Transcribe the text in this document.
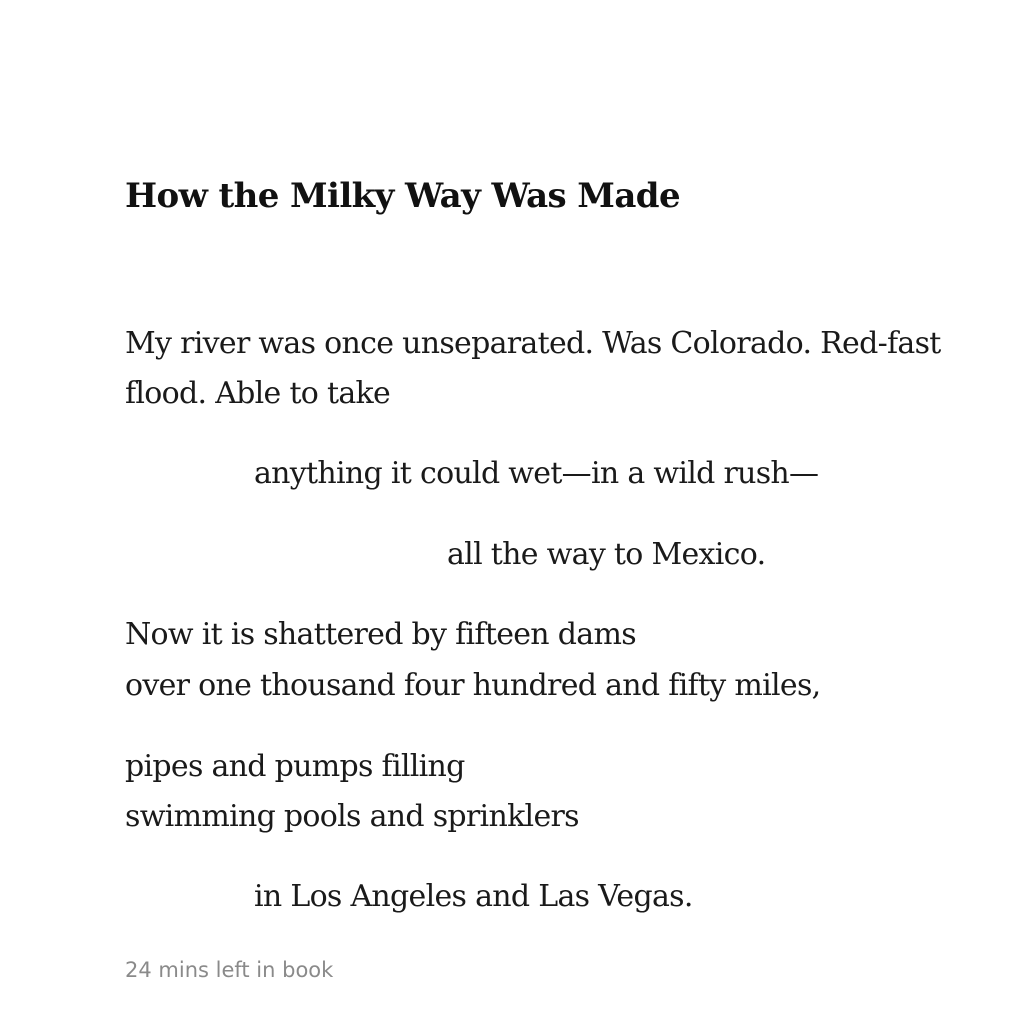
How the Milky Way Was Made

My river was once unseparated. Was Colorado. Red-fast

flood. Able to take

anything it could wet—in a wild rush—

all the way to Mexico.

Now it is shattered by fifteen dams

over one thousand four hundred and fifty miles,

pipes and pumps filling

swimming pools and sprinklers

in Los Angeles and Las Vegas.

24 mins left in book
